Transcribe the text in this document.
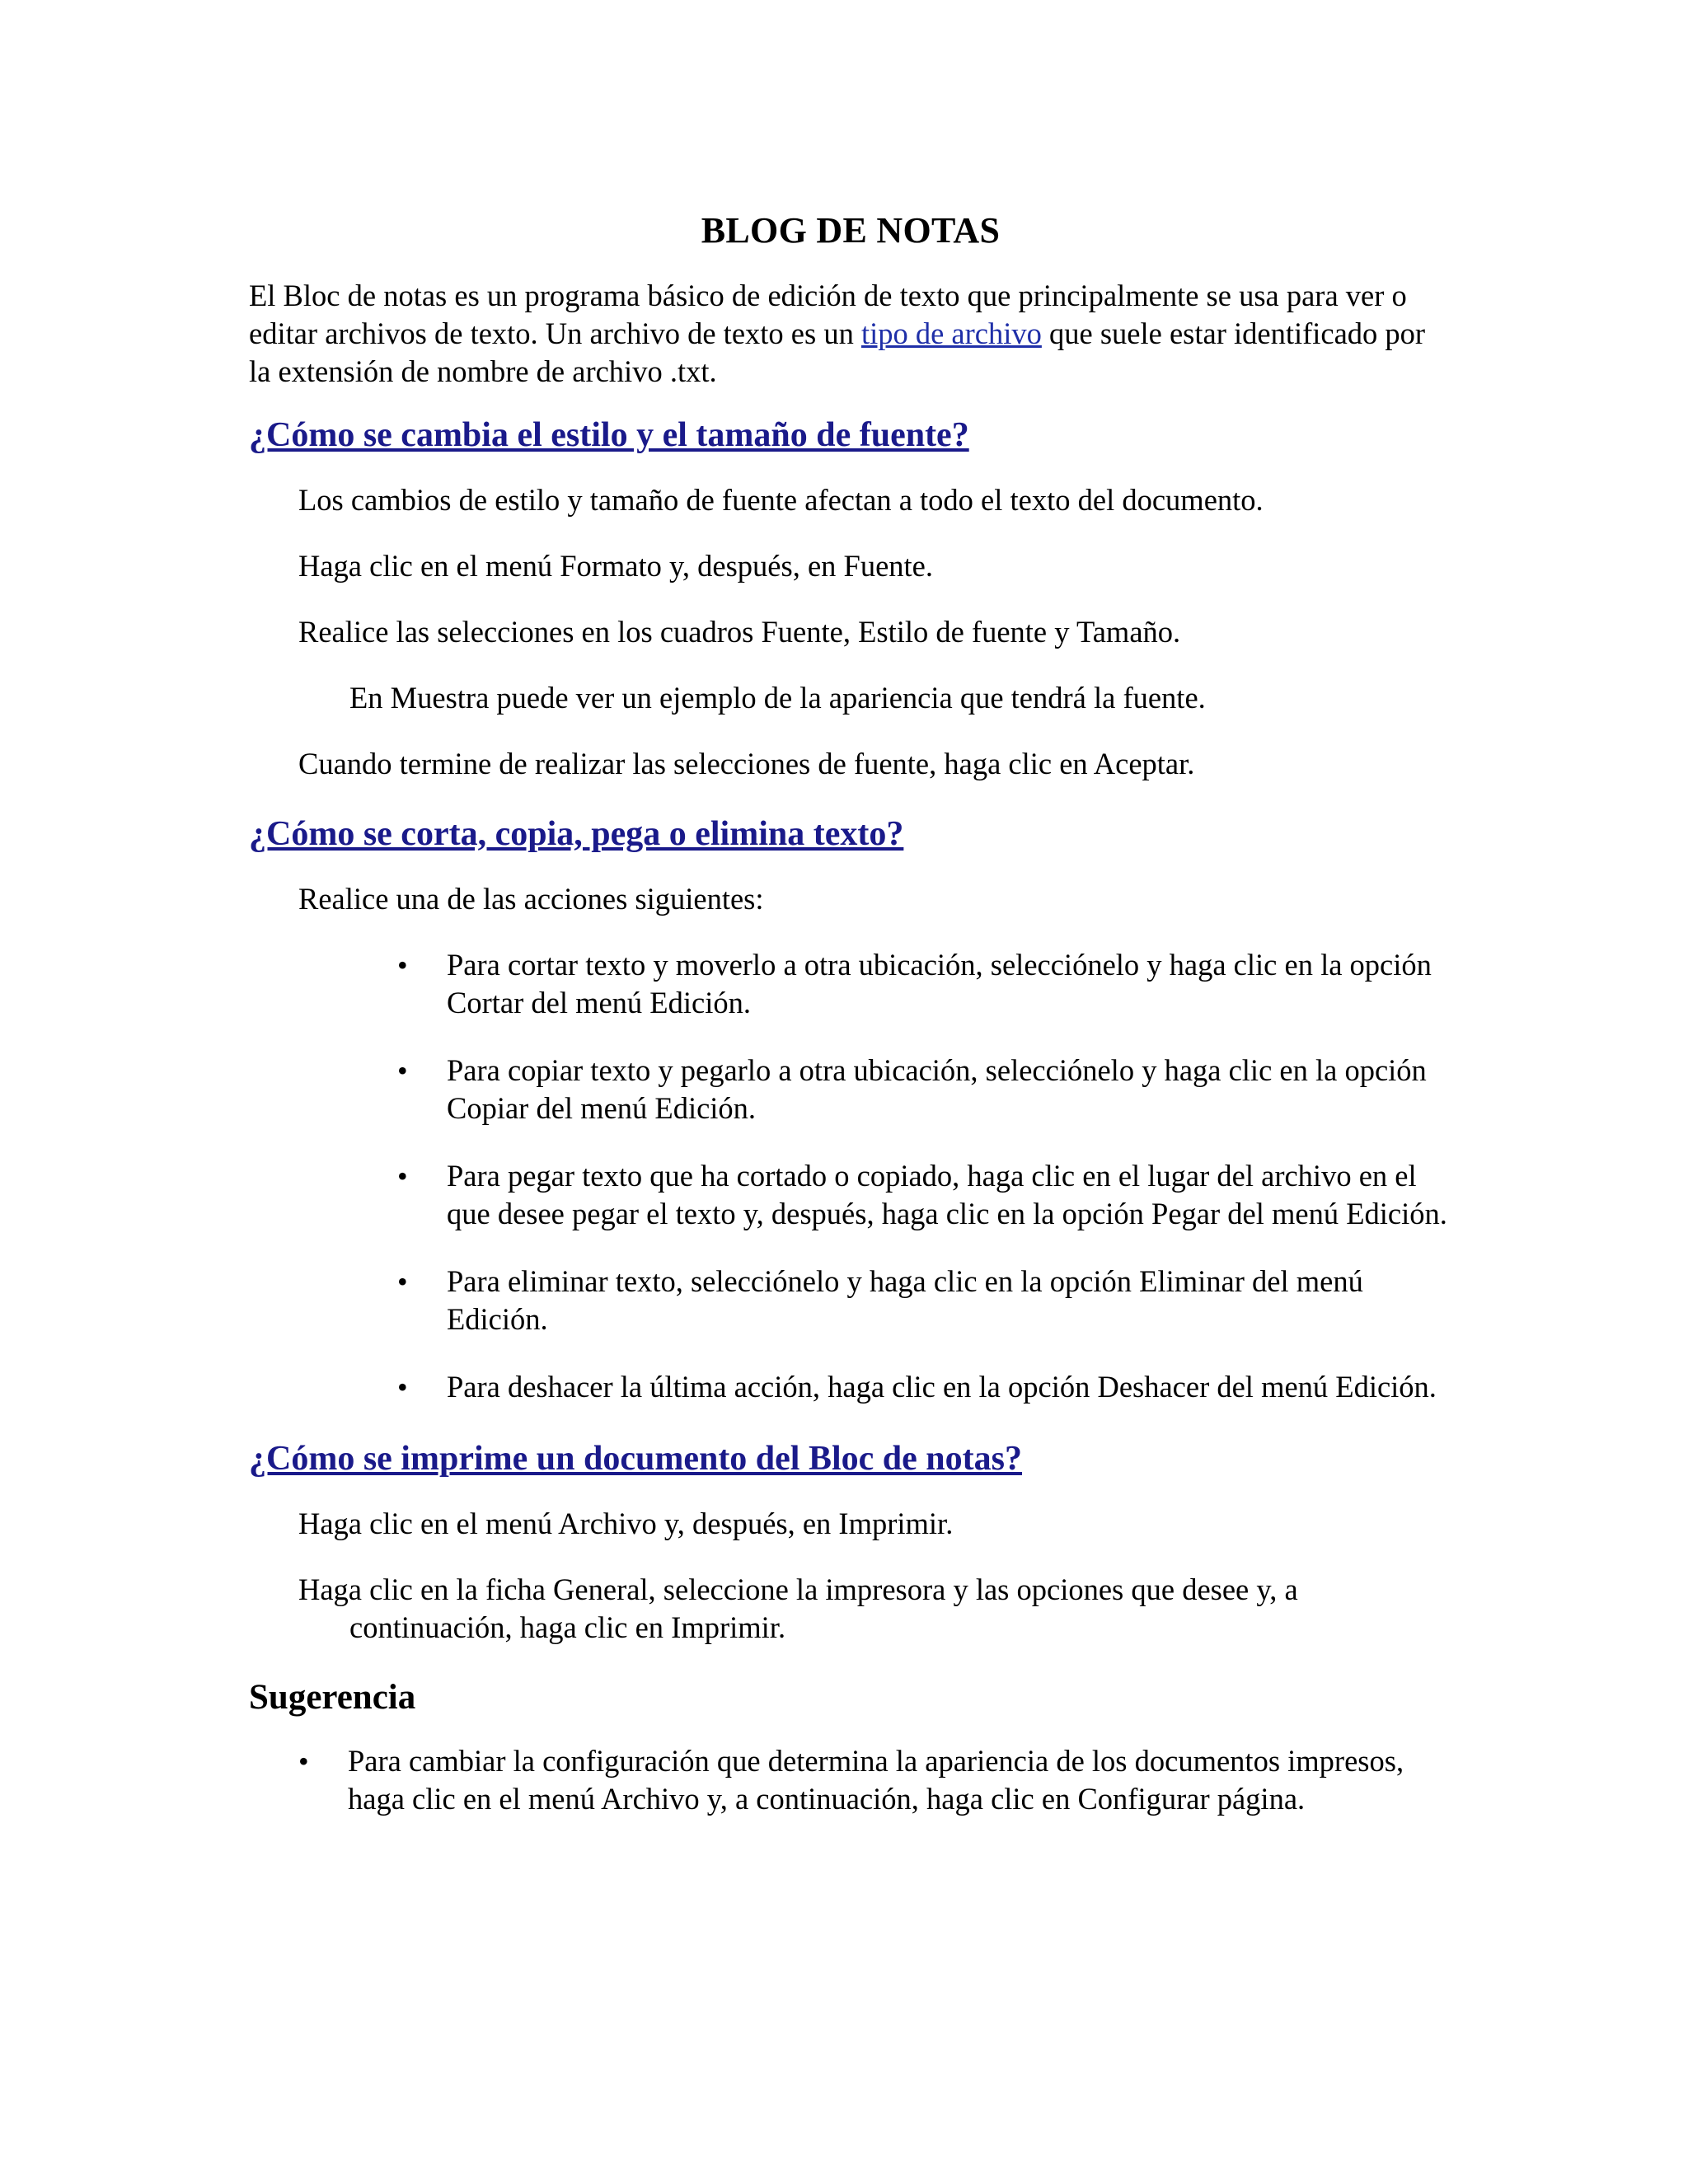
BLOG DE NOTAS

El Bloc de notas es un programa básico de edición de texto que principalmente se usa para ver o editar archivos de texto. Un archivo de texto es un tipo de archivo que suele estar identificado por la extensión de nombre de archivo .txt.

¿Cómo se cambia el estilo y el tamaño de fuente?

Los cambios de estilo y tamaño de fuente afectan a todo el texto del documento.

Haga clic en el menú Formato y, después, en Fuente.

Realice las selecciones en los cuadros Fuente, Estilo de fuente y Tamaño.

En Muestra puede ver un ejemplo de la apariencia que tendrá la fuente.

Cuando termine de realizar las selecciones de fuente, haga clic en Aceptar.

¿Cómo se corta, copia, pega o elimina texto?

Realice una de las acciones siguientes:

• Para cortar texto y moverlo a otra ubicación, selecciónelo y haga clic en la opción Cortar del menú Edición.
• Para copiar texto y pegarlo a otra ubicación, selecciónelo y haga clic en la opción Copiar del menú Edición.
• Para pegar texto que ha cortado o copiado, haga clic en el lugar del archivo en el que desee pegar el texto y, después, haga clic en la opción Pegar del menú Edición.
• Para eliminar texto, selecciónelo y haga clic en la opción Eliminar del menú Edición.
• Para deshacer la última acción, haga clic en la opción Deshacer del menú Edición.
¿Cómo se imprime un documento del Bloc de notas?

Haga clic en el menú Archivo y, después, en Imprimir.

Haga clic en la ficha General, seleccione la impresora y las opciones que desee y, a continuación, haga clic en Imprimir.

Sugerencia
• Para cambiar la configuración que determina la apariencia de los documentos impresos, haga clic en el menú Archivo y, a continuación, haga clic en Configurar página.
